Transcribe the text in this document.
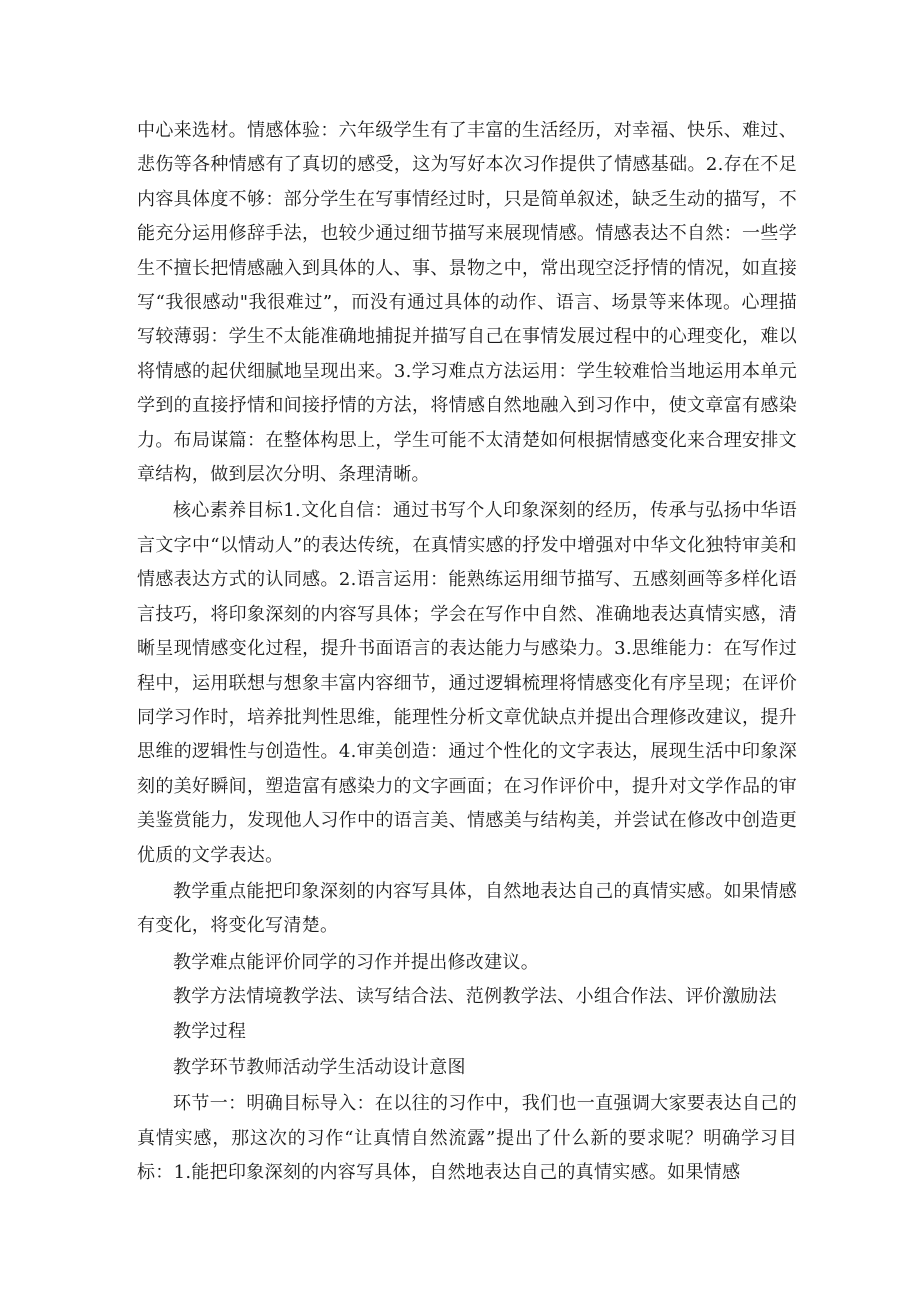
中心来选材。情感体验：六年级学生有了丰富的生活经历，对幸福、快乐、难过、悲伤等各种情感有了真切的感受，这为写好本次习作提供了情感基础。2.存在不足内容具体度不够：部分学生在写事情经过时，只是简单叙述，缺乏生动的描写，不能充分运用修辞手法，也较少通过细节描写来展现情感。情感表达不自然：一些学生不擅长把情感融入到具体的人、事、景物之中，常出现空泛抒情的情况，如直接写“我很感动"我很难过”，而没有通过具体的动作、语言、场景等来体现。心理描写较薄弱：学生不太能准确地捕捉并描写自己在事情发展过程中的心理变化，难以将情感的起伏细腻地呈现出来。3.学习难点方法运用：学生较难恰当地运用本单元学到的直接抒情和间接抒情的方法，将情感自然地融入到习作中，使文章富有感染力。布局谋篇：在整体构思上，学生可能不太清楚如何根据情感变化来合理安排文章结构，做到层次分明、条理清晰。

核心素养目标1.文化自信：通过书写个人印象深刻的经历，传承与弘扬中华语言文字中“以情动人”的表达传统，在真情实感的抒发中增强对中华文化独特审美和情感表达方式的认同感。2.语言运用：能熟练运用细节描写、五感刻画等多样化语言技巧，将印象深刻的内容写具体；学会在写作中自然、准确地表达真情实感，清晰呈现情感变化过程，提升书面语言的表达能力与感染力。3.思维能力：在写作过程中，运用联想与想象丰富内容细节，通过逻辑梳理将情感变化有序呈现；在评价同学习作时，培养批判性思维，能理性分析文章优缺点并提出合理修改建议，提升思维的逻辑性与创造性。4.审美创造：通过个性化的文字表达，展现生活中印象深刻的美好瞬间，塑造富有感染力的文字画面；在习作评价中，提升对文学作品的审美鉴赏能力，发现他人习作中的语言美、情感美与结构美，并尝试在修改中创造更优质的文学表达。

教学重点能把印象深刻的内容写具体，自然地表达自己的真情实感。如果情感有变化，将变化写清楚。

教学难点能评价同学的习作并提出修改建议。

教学方法情境教学法、读写结合法、范例教学法、小组合作法、评价激励法

教学过程

教学环节教师活动学生活动设计意图

环节一：明确目标导入：在以往的习作中，我们也一直强调大家要表达自己的真情实感，那这次的习作“让真情自然流露”提出了什么新的要求呢？明确学习目标：1.能把印象深刻的内容写具体，自然地表达自己的真情实感。如果情感
